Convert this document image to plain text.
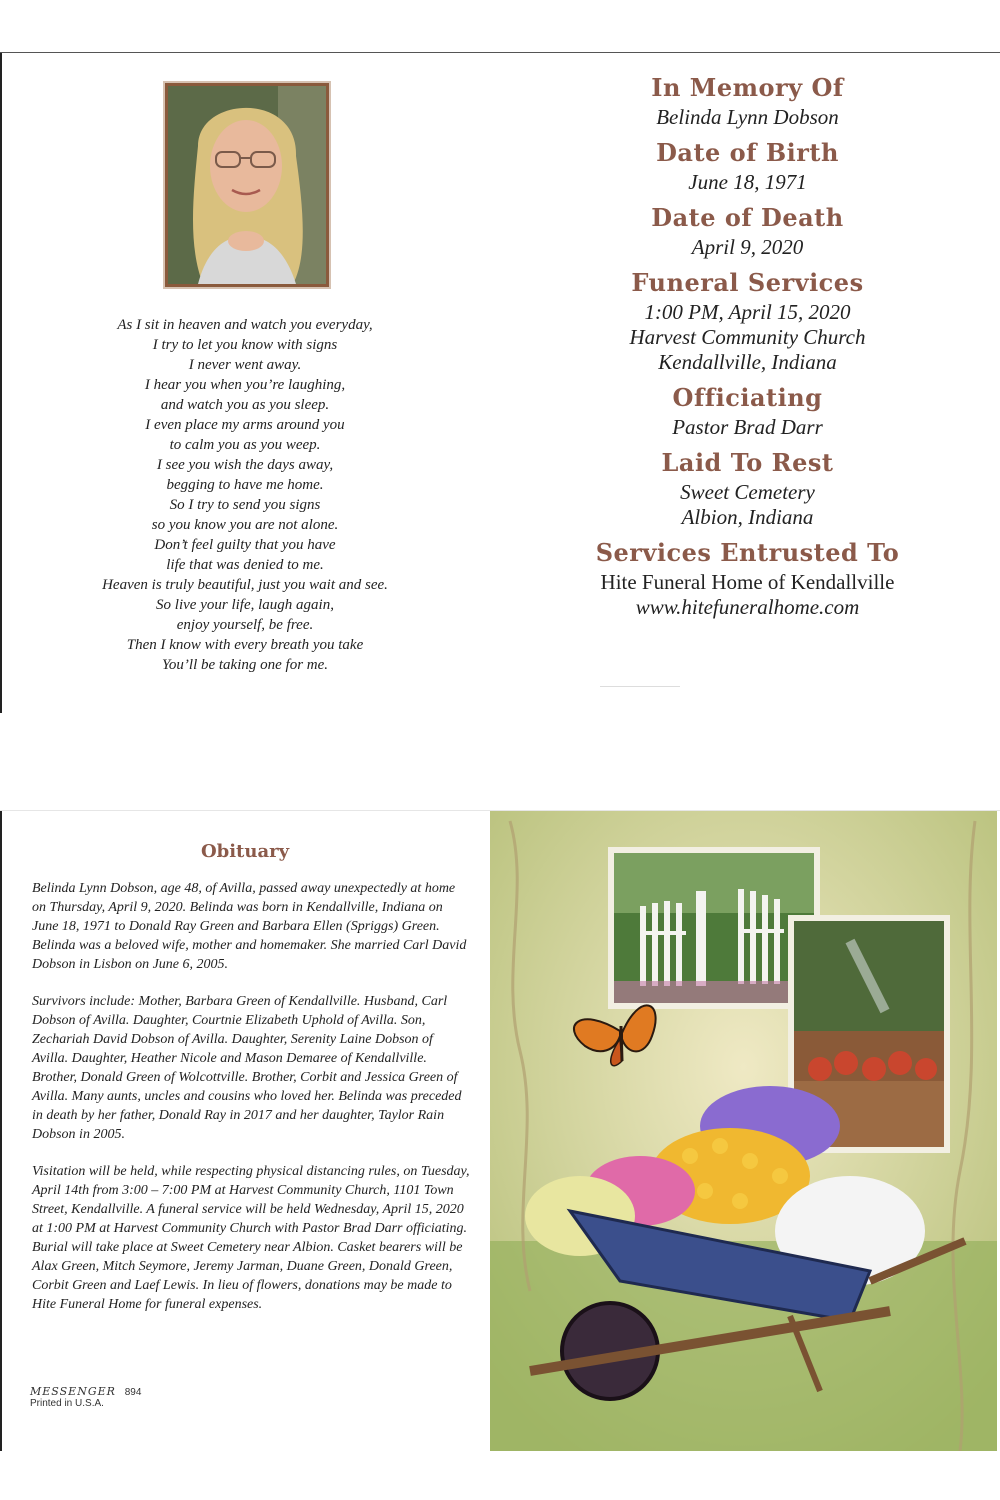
As I sit in heaven and watch you everyday,
I try to let you know with signs
I never went away.
I hear you when you’re laughing,
and watch you as you sleep.
I even place my arms around you
to calm you as you weep.
I see you wish the days away,
begging to have me home.
So I try to send you signs
so you know you are not alone.
Don’t feel guilty that you have
life that was denied to me.
Heaven is truly beautiful, just you wait and see.
So live your life, laugh again,
enjoy yourself, be free.
Then I know with every breath you take
You’ll be taking one for me.
In Memory Of
Belinda Lynn Dobson
Date of Birth
June 18, 1971
Date of Death
April 9, 2020
Funeral Services
1:00 PM, April 15, 2020
Harvest Community Church
Kendallville, Indiana
Officiating
Pastor Brad Darr
Laid To Rest
Sweet Cemetery
Albion, Indiana
Services Entrusted To
Hite Funeral Home of Kendallville
www.hitefuneralhome.com
Obituary

Belinda Lynn Dobson, age 48, of Avilla, passed away unexpectedly at home on Thursday, April 9, 2020. Belinda was born in Kendallville, Indiana on June 18, 1971 to Donald Ray Green and Barbara Ellen (Spriggs) Green. Belinda was a beloved wife, mother and homemaker. She married Carl David Dobson in Lisbon on June 6, 2005.

Survivors include: Mother, Barbara Green of Kendallville. Husband, Carl Dobson of Avilla. Daughter, Courtnie Elizabeth Uphold of Avilla. Son, Zechariah David Dobson of Avilla. Daughter, Serenity Laine Dobson of Avilla. Daughter, Heather Nicole and Mason Demaree of Kendallville. Brother, Donald Green of Wolcottville. Brother, Corbit and Jessica Green of Avilla. Many aunts, uncles and cousins who loved her. Belinda was preceded in death by her father, Donald Ray in 2017 and her daughter, Taylor Rain Dobson in 2005.

Visitation will be held, while respecting physical distancing rules, on Tuesday, April 14th from 3:00 – 7:00 PM at Harvest Community Church, 1101 Town Street, Kendallville. A funeral service will be held Wednesday, April 15, 2020 at 1:00 PM at Harvest Community Church with Pastor Brad Darr officiating. Burial will take place at Sweet Cemetery near Albion. Casket bearers will be Alax Green, Mitch Seymore, Jeremy Jarman, Duane Green, Donald Green, Corbit Green and Laef Lewis. In lieu of flowers, donations may be made to Hite Funeral Home for funeral expenses.

MESSENGER 894
Printed in U.S.A.
